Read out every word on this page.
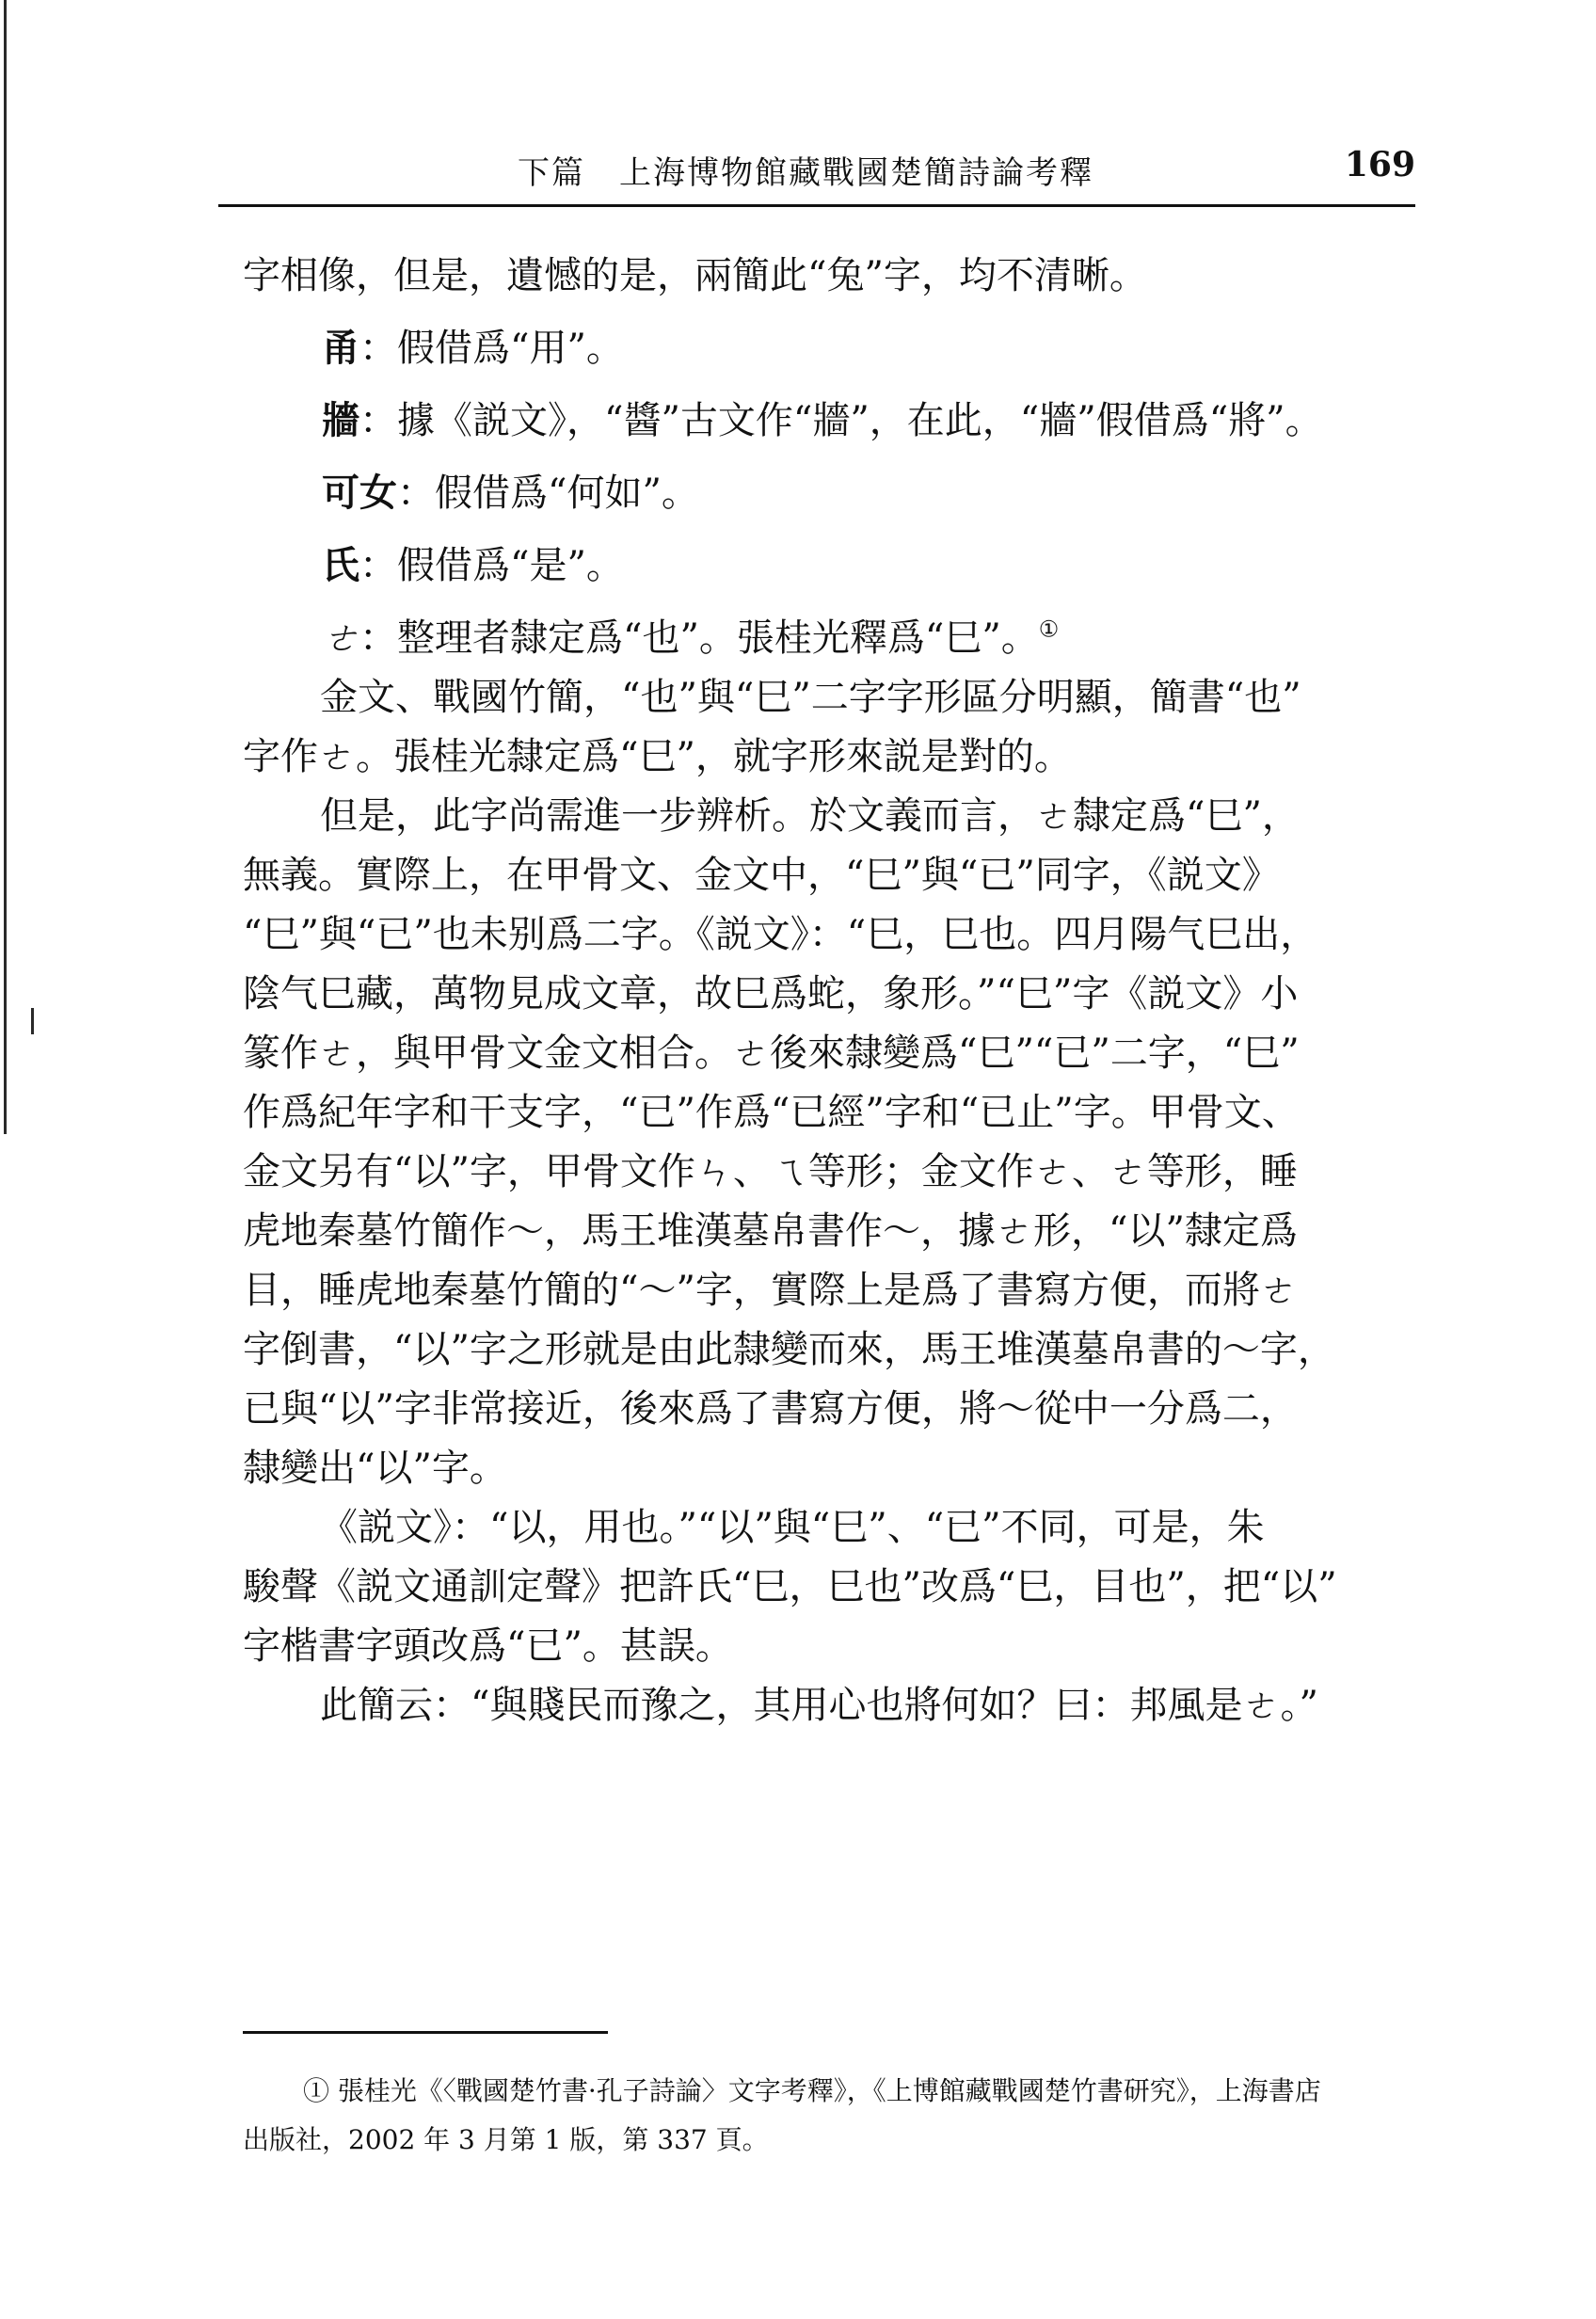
下篇　上海博物館藏戰國楚簡詩論考釋	169
字相像，但是，遺憾的是，兩簡此“兔”字，均不清晰。
甬：假借爲“用”。
牆：據《説文》，“醬”古文作“牆”，在此，“牆”假借爲“將”。
可女：假借爲“何如”。
氏：假借爲“是”。
ㄜ：整理者隸定爲“也”。張桂光釋爲“巳”。①
金文、戰國竹簡，“也”與“巳”二字字形區分明顯，簡書“也”
字作ㄜ。張桂光隸定爲“巳”，就字形來説是對的。
但是，此字尚需進一步辨析。於文義而言，ㄜ隸定爲“巳”，
無義。實際上，在甲骨文、金文中，“巳”與“已”同字，《説文》
“巳”與“已”也未别爲二字。《説文》：“巳，巳也。四月陽气巳出，
陰气巳藏，萬物見成文章，故巳爲蛇，象形。”“巳”字《説文》小
篆作ㄜ，與甲骨文金文相合。ㄜ後來隸變爲“巳”“已”二字，“巳”
作爲紀年字和干支字，“已”作爲“已經”字和“已止”字。甲骨文、
金文另有“以”字，甲骨文作ㄣ、ㄟ等形；金文作ㄜ、ㄜ等形，睡
虎地秦墓竹簡作〜，馬王堆漢墓帛書作〜，據ㄜ形，“以”隸定爲
目，睡虎地秦墓竹簡的“〜”字，實際上是爲了書寫方便，而將ㄜ
字倒書，“以”字之形就是由此隸變而來，馬王堆漢墓帛書的〜字，
已與“以”字非常接近，後來爲了書寫方便，將〜從中一分爲二，
隸變出“以”字。
《説文》：“以，用也。”“以”與“巳”、“已”不同，可是，朱
駿聲《説文通訓定聲》把許氏“巳，巳也”改爲“巳，目也”，把“以”
字楷書字頭改爲“已”。甚誤。
此簡云：“與賤民而豫之，其用心也將何如？曰：邦風是ㄜ。”
① 張桂光《〈戰國楚竹書·孔子詩論〉文字考釋》，《上博館藏戰國楚竹書研究》，上海書店
出版社，2002 年 3 月第 1 版，第 337 頁。
